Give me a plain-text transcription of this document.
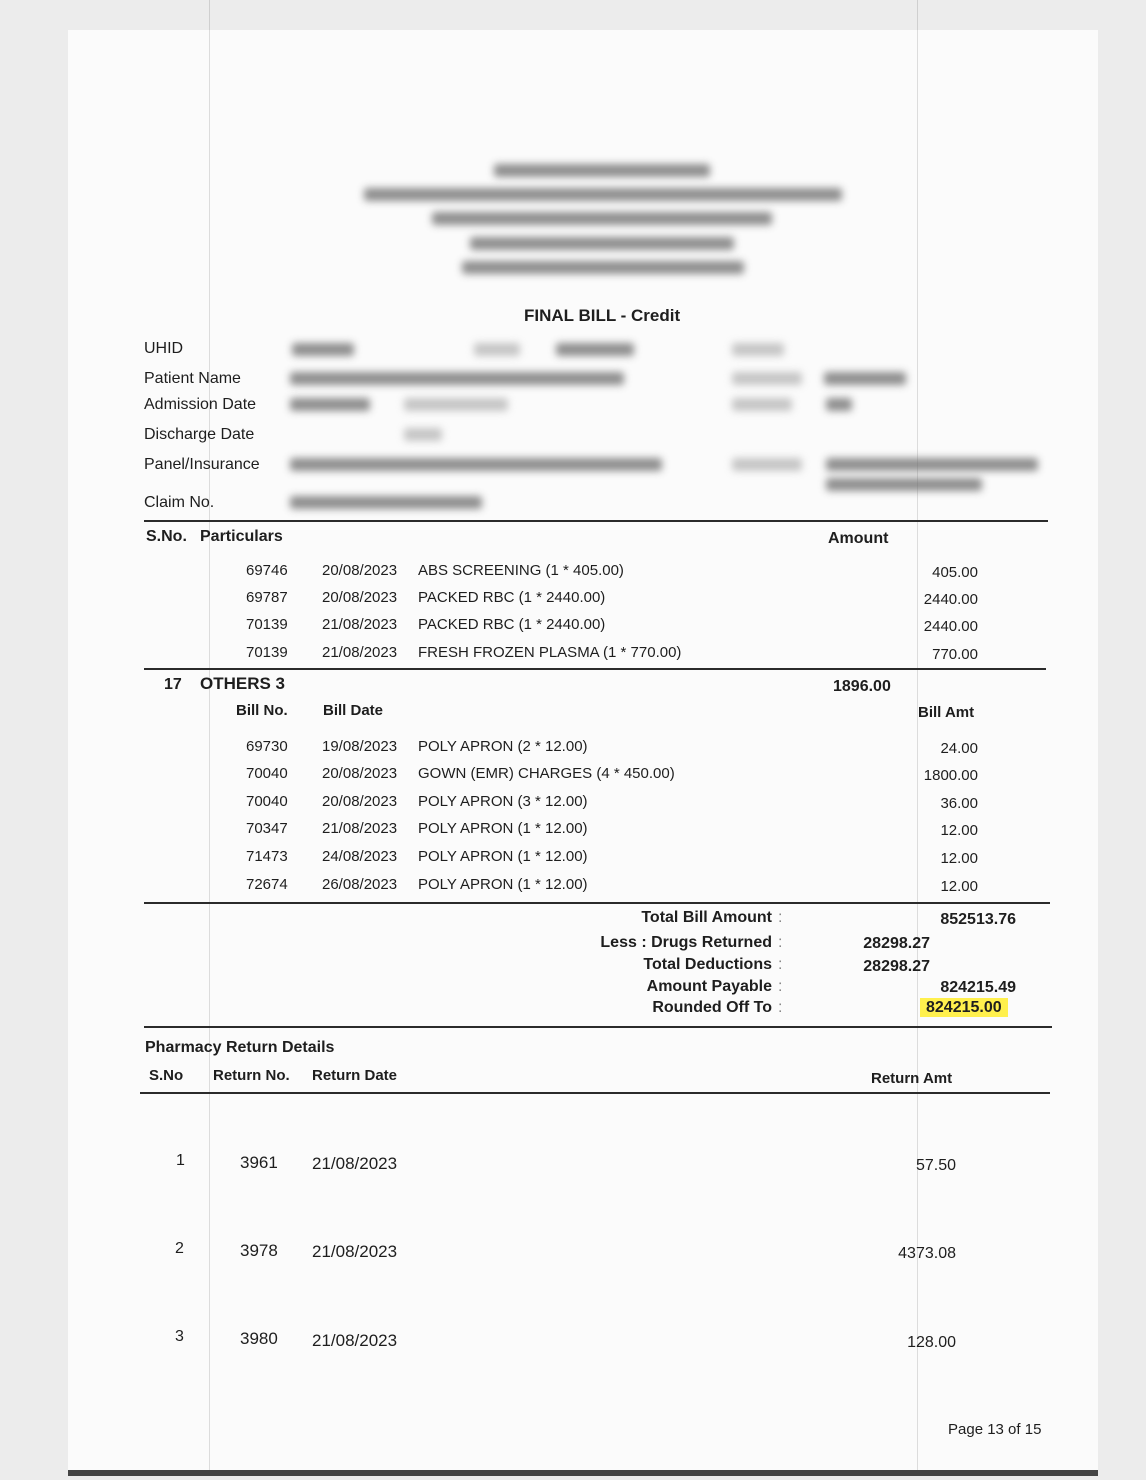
FINAL BILL - Credit
UHID
Patient Name
Admission Date
Discharge Date
Panel/Insurance
Claim No.
S.No. Particulars	Amount
69746 20/08/2023 ABS SCREENING (1 * 405.00)	405.00
69787 20/08/2023 PACKED RBC (1 * 2440.00)	2440.00
70139 21/08/2023 PACKED RBC (1 * 2440.00)	2440.00
70139 21/08/2023 FRESH FROZEN PLASMA (1 * 770.00)	770.00
17 OTHERS 3	1896.00
Bill No. Bill Date	Bill Amt
69730 19/08/2023 POLY APRON (2 * 12.00)	24.00
70040 20/08/2023 GOWN (EMR) CHARGES (4 * 450.00)	1800.00
70040 20/08/2023 POLY APRON (3 * 12.00)	36.00
70347 21/08/2023 POLY APRON (1 * 12.00)	12.00
71473 24/08/2023 POLY APRON (1 * 12.00)	12.00
72674 26/08/2023 POLY APRON (1 * 12.00)	12.00
Total Bill Amount :	852513.76
Less : Drugs Returned :	28298.27
Total Deductions :	28298.27
Amount Payable :	824215.49
Rounded Off To :	824215.00
Pharmacy Return Details
S.No Return No. Return Date	Return Amt
1	3961 21/08/2023	57.50
2	3978 21/08/2023	4373.08
3	3980 21/08/2023	128.00
Page 13 of 15
